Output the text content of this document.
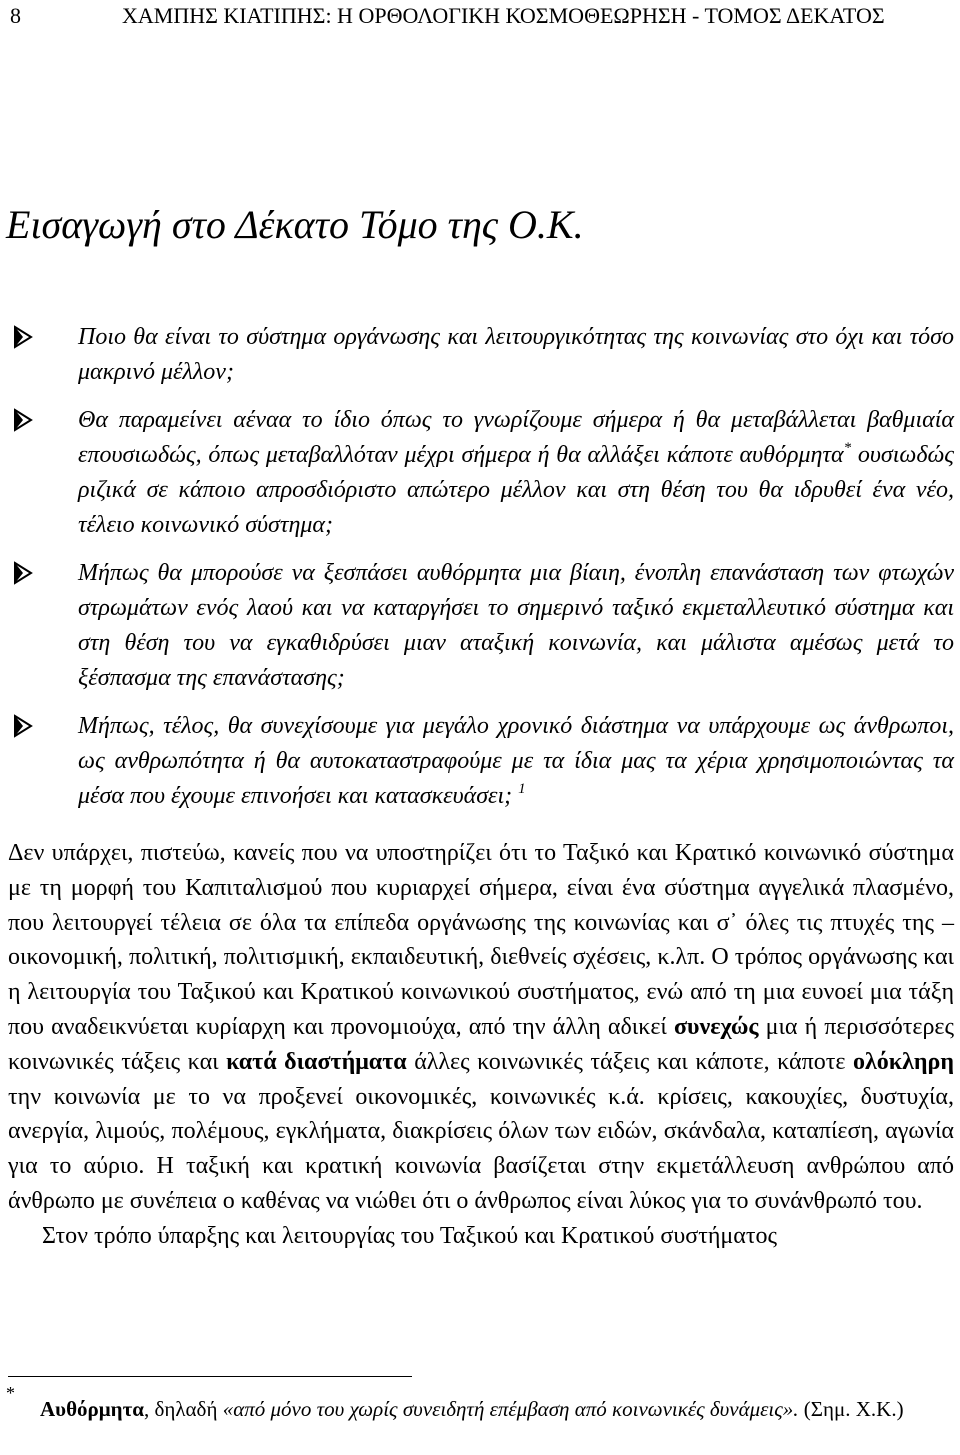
8	ΧΑΜΠΗΣ ΚΙΑΤΙΠΗΣ: Η ΟΡΘΟΛΟΓΙΚΗ ΚΟΣΜΟΘΕΩΡΗΣΗ - ΤΟΜΟΣ ΔΕΚΑΤΟΣ
Εισαγωγή στο Δέκατο Τόμο της Ο.Κ.
Ποιο θα είναι το σύστημα οργάνωσης και λειτουργικότητας της κοινωνίας στο όχι και τόσο μακρινό μέλλον;
Θα παραμείνει αέναα το ίδιο όπως το γνωρίζουμε σήμερα ή θα μεταβάλλεται βαθμιαία επουσιωδώς, όπως μεταβαλλόταν μέχρι σήμερα ή θα αλλάξει κάποτε αυθόρμητα* ουσιωδώς ριζικά σε κάποιο απροσδιόριστο απώτερο μέλλον και στη θέση του θα ιδρυθεί ένα νέο, τέλειο κοινωνικό σύστημα;
Μήπως θα μπορούσε να ξεσπάσει αυθόρμητα μια βίαιη, ένοπλη επανάσταση των φτωχών στρωμάτων ενός λαού και να καταργήσει το σημερινό ταξικό εκμεταλλευτικό σύστημα και στη θέση του να εγκαθιδρύσει μιαν αταξική κοινωνία, και μάλιστα αμέσως μετά το ξέσπασμα της επανάστασης;
Μήπως, τέλος, θα συνεχίσουμε για μεγάλο χρονικό διάστημα να υπάρχουμε ως άνθρωποι, ως ανθρωπότητα ή θα αυτοκαταστραφούμε με τα ίδια μας τα χέρια χρησιμοποιώντας τα μέσα που έχουμε επινοήσει και κατασκευάσει; $^1$

Δεν υπάρχει, πιστεύω, κανείς που να υποστηρίζει ότι το Ταξικό και Κρατικό κοινωνικό σύστημα με τη μορφή του Καπιταλισμού που κυριαρχεί σήμερα, είναι ένα σύστημα αγγελικά πλασμένο, που λειτουργεί τέλεια σε όλα τα επίπεδα οργάνωσης της κοινωνίας και σ᾽ όλες τις πτυχές της –οικονομική, πολιτική, πολιτισμική, εκπαιδευτική, διεθνείς σχέσεις, κ.λπ. Ο τρόπος οργάνωσης και η λειτουργία του Ταξικού και Κρατικού κοινωνικού συστήματος, ενώ από τη μια ευνοεί μια τάξη που αναδεικνύεται κυρίαρχη και προνομιούχα, από την άλλη αδικεί συνεχώς μια ή περισσότερες κοινωνικές τάξεις και κατά διαστήματα άλλες κοινωνικές τάξεις και κάποτε, κάποτε ολόκληρη την κοινωνία με το να προξενεί οικονομικές, κοινωνικές κ.ά. κρίσεις, κακουχίες, δυστυχία, ανεργία, λιμούς, πολέμους, εγκλήματα, διακρίσεις όλων των ειδών, σκάνδαλα, καταπίεση, αγωνία για το αύριο. Η ταξική και κρατική κοινωνία βασίζεται στην εκμετάλλευση ανθρώπου από άνθρωπο με συνέπεια ο καθένας να νιώθει ότι ο άνθρωπος είναι λύκος για το συνάνθρωπό του.

Στον τρόπο ύπαρξης και λειτουργίας του Ταξικού και Κρατικού συστήματος

*
Αυθόρμητα, δηλαδή «από μόνο του χωρίς συνειδητή επέμβαση από κοινωνικές δυνάμεις». (Σημ. Χ.Κ.)
